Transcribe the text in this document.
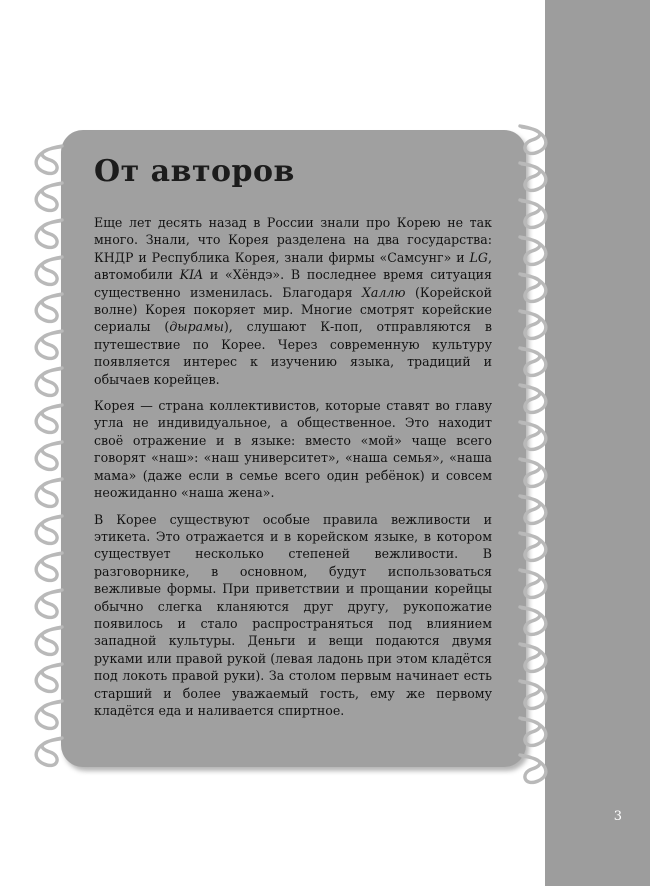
От авторов

Еще лет десять назад в России знали про Корею не так много. Знали, что Корея разделена на два государства: КНДР и Республика Корея, знали фирмы «Самсунг» и LG, автомобили KIA и «Хёндэ». В последнее время ситуация существенно изменилась. Благодаря Халлю (Корейской волне) Корея покоряет мир. Многие смотрят корейские сериалы (дырамы), слушают К-поп, отправляются в путешествие по Корее. Через современную культуру появляется интерес к изучению языка, традиций и обычаев корейцев.

Корея — страна коллективистов, которые ставят во главу угла не индивидуальное, а общественное. Это находит своё отражение и в языке: вместо «мой» чаще всего говорят «наш»: «наш университет», «наша семья», «наша мама» (даже если в семье всего один ребёнок) и совсем неожиданно «наша жена».

В Корее существуют особые правила вежливости и этикета. Это отражается и в корейском языке, в котором существует несколько степеней вежливости. В разговорнике, в основном, будут использоваться вежливые формы. При приветствии и прощании корейцы обычно слегка кланяются друг другу, рукопожатие появилось и стало распространяться под влиянием западной культуры. Деньги и вещи подаются двумя руками или правой рукой (левая ладонь при этом кладётся под локоть правой руки). За столом первым начинает есть старший и более уважаемый гость, ему же первому кладётся еда и наливается спиртное.

3
